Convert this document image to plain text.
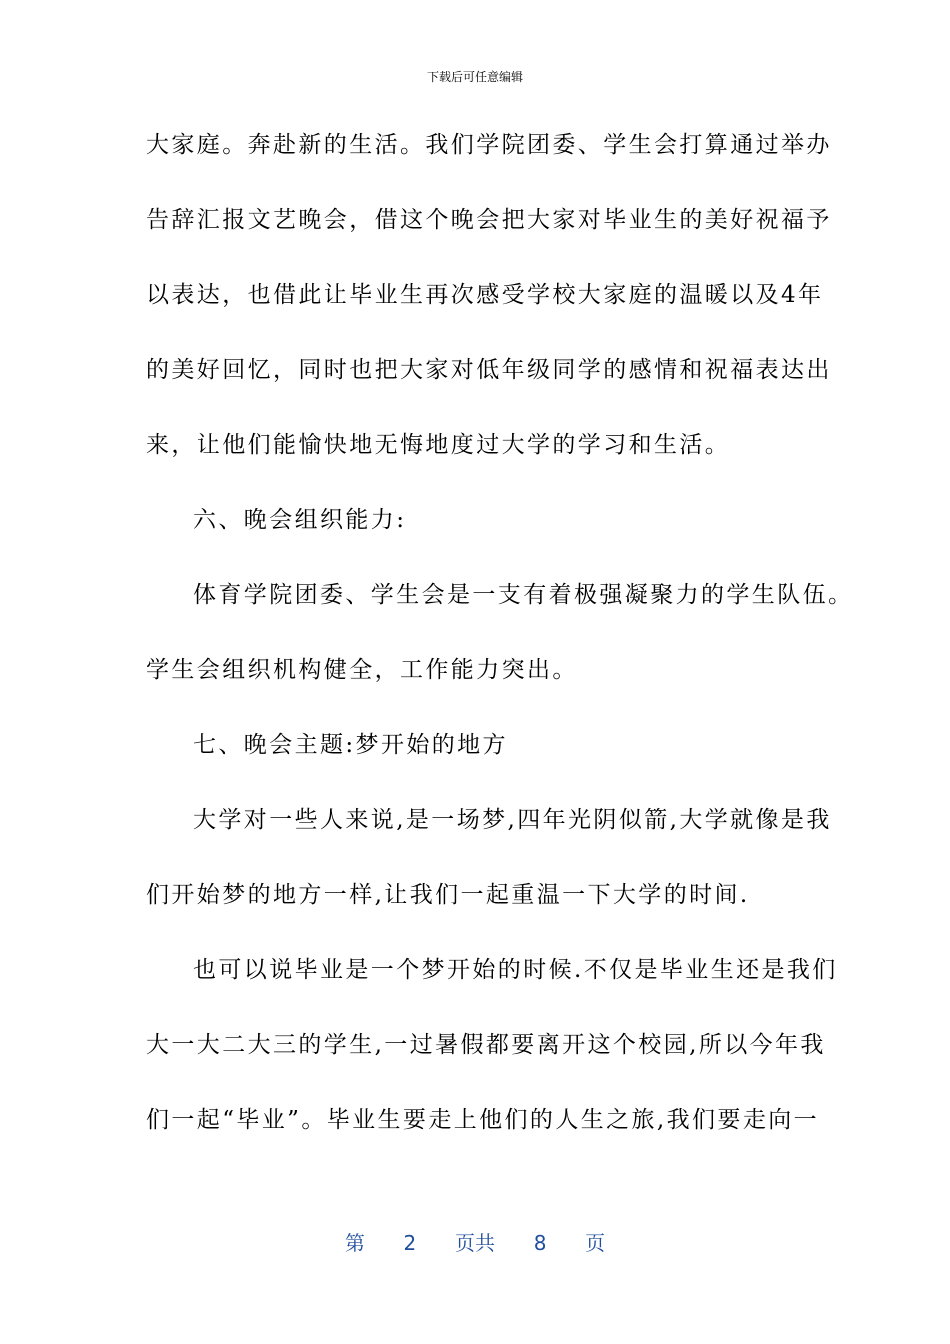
下载后可任意编辑
大家庭。奔赴新的生活。我们学院团委、学生会打算通过举办
告辞汇报文艺晚会，借这个晚会把大家对毕业生的美好祝福予
以表达，也借此让毕业生再次感受学校大家庭的温暖以及4年
的美好回忆，同时也把大家对低年级同学的感情和祝福表达出
来，让他们能愉快地无悔地度过大学的学习和生活。
六、晚会组织能力:
体育学院团委、学生会是一支有着极强凝聚力的学生队伍。
学生会组织机构健全，工作能力突出。
七、晚会主题:梦开始的地方
大学对一些人来说,是一场梦,四年光阴似箭,大学就像是我
们开始梦的地方一样,让我们一起重温一下大学的时间.
也可以说毕业是一个梦开始的时候.不仅是毕业生还是我们
大一大二大三的学生,一过暑假都要离开这个校园,所以今年我
们一起“毕业”。毕业生要走上他们的人生之旅,我们要走向一
第 2 页共 8 页
